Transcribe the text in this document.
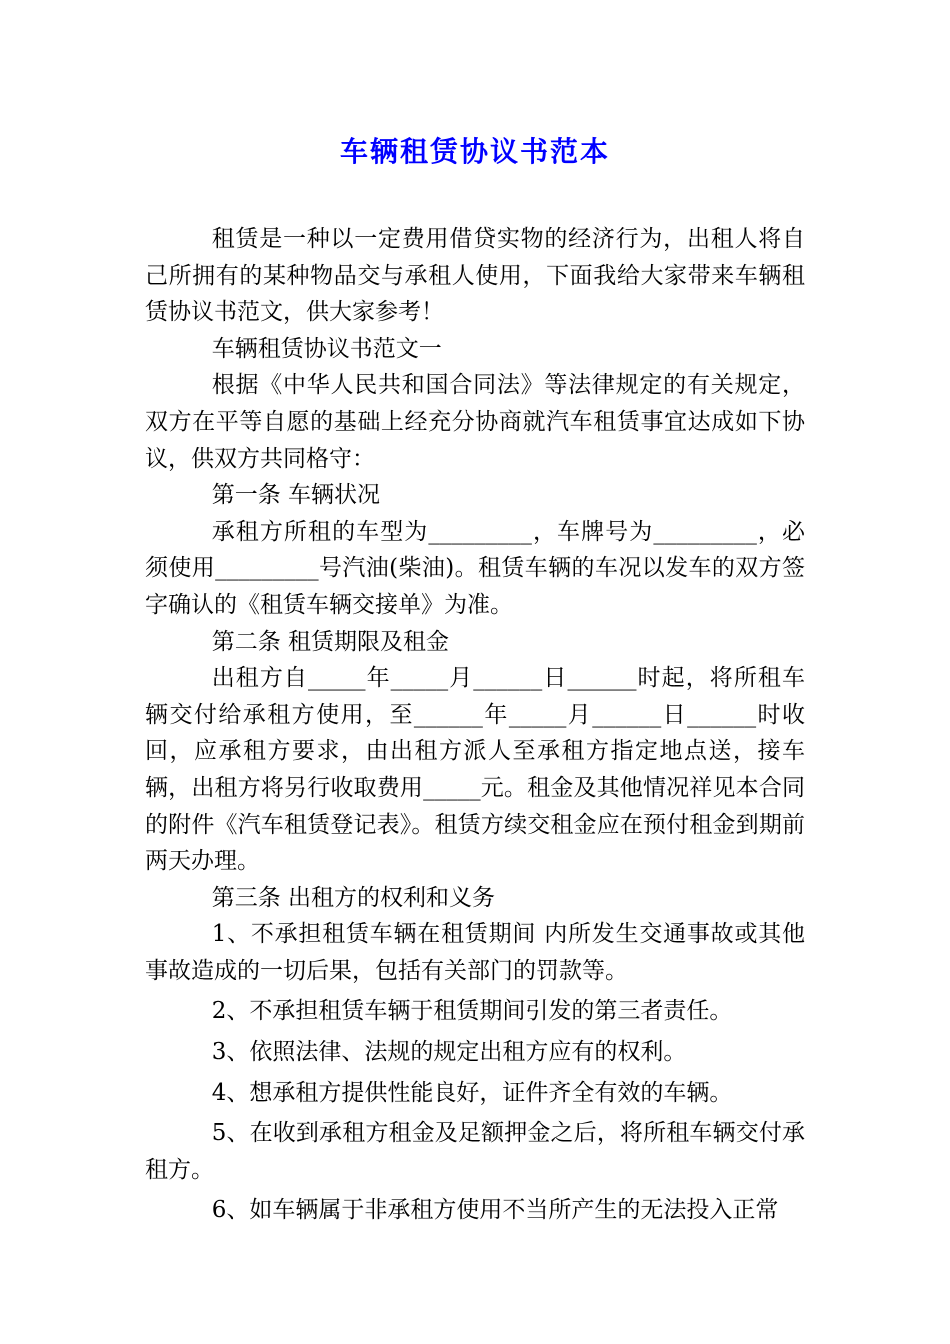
车辆租赁协议书范本

租赁是一种以一定费用借贷实物的经济行为，出租人将自己所拥有的某种物品交与承租人使用，下面我给大家带来车辆租赁协议书范文，供大家参考！

车辆租赁协议书范文一

根据《中华人民共和国合同法》等法律规定的有关规定，双方在平等自愿的基础上经充分协商就汽车租赁事宜达成如下协议，供双方共同格守：

第一条 车辆状况

承租方所租的车型为_________，车牌号为_________，必须使用_________号汽油(柴油)。租赁车辆的车况以发车的双方签字确认的《租赁车辆交接单》为准。

第二条 租赁期限及租金

出租方自_____年_____月______日______时起，将所租车辆交付给承租方使用，至______年_____月______日______时收回，应承租方要求，由出租方派人至承租方指定地点送，接车辆，出租方将另行收取费用_____元。租金及其他情况祥见本合同的附件《汽车租赁登记表》。租赁方续交租金应在预付租金到期前两天办理。

第三条 出租方的权利和义务

1、不承担租赁车辆在租赁期间 内所发生交通事故或其他事故造成的一切后果，包括有关部门的罚款等。

2、不承担租赁车辆于租赁期间引发的第三者责任。

3、依照法律、法规的规定出租方应有的权利。

4、想承租方提供性能良好，证件齐全有效的车辆。

5、在收到承租方租金及足额押金之后，将所租车辆交付承租方。

6、如车辆属于非承租方使用不当所产生的无法投入正常
